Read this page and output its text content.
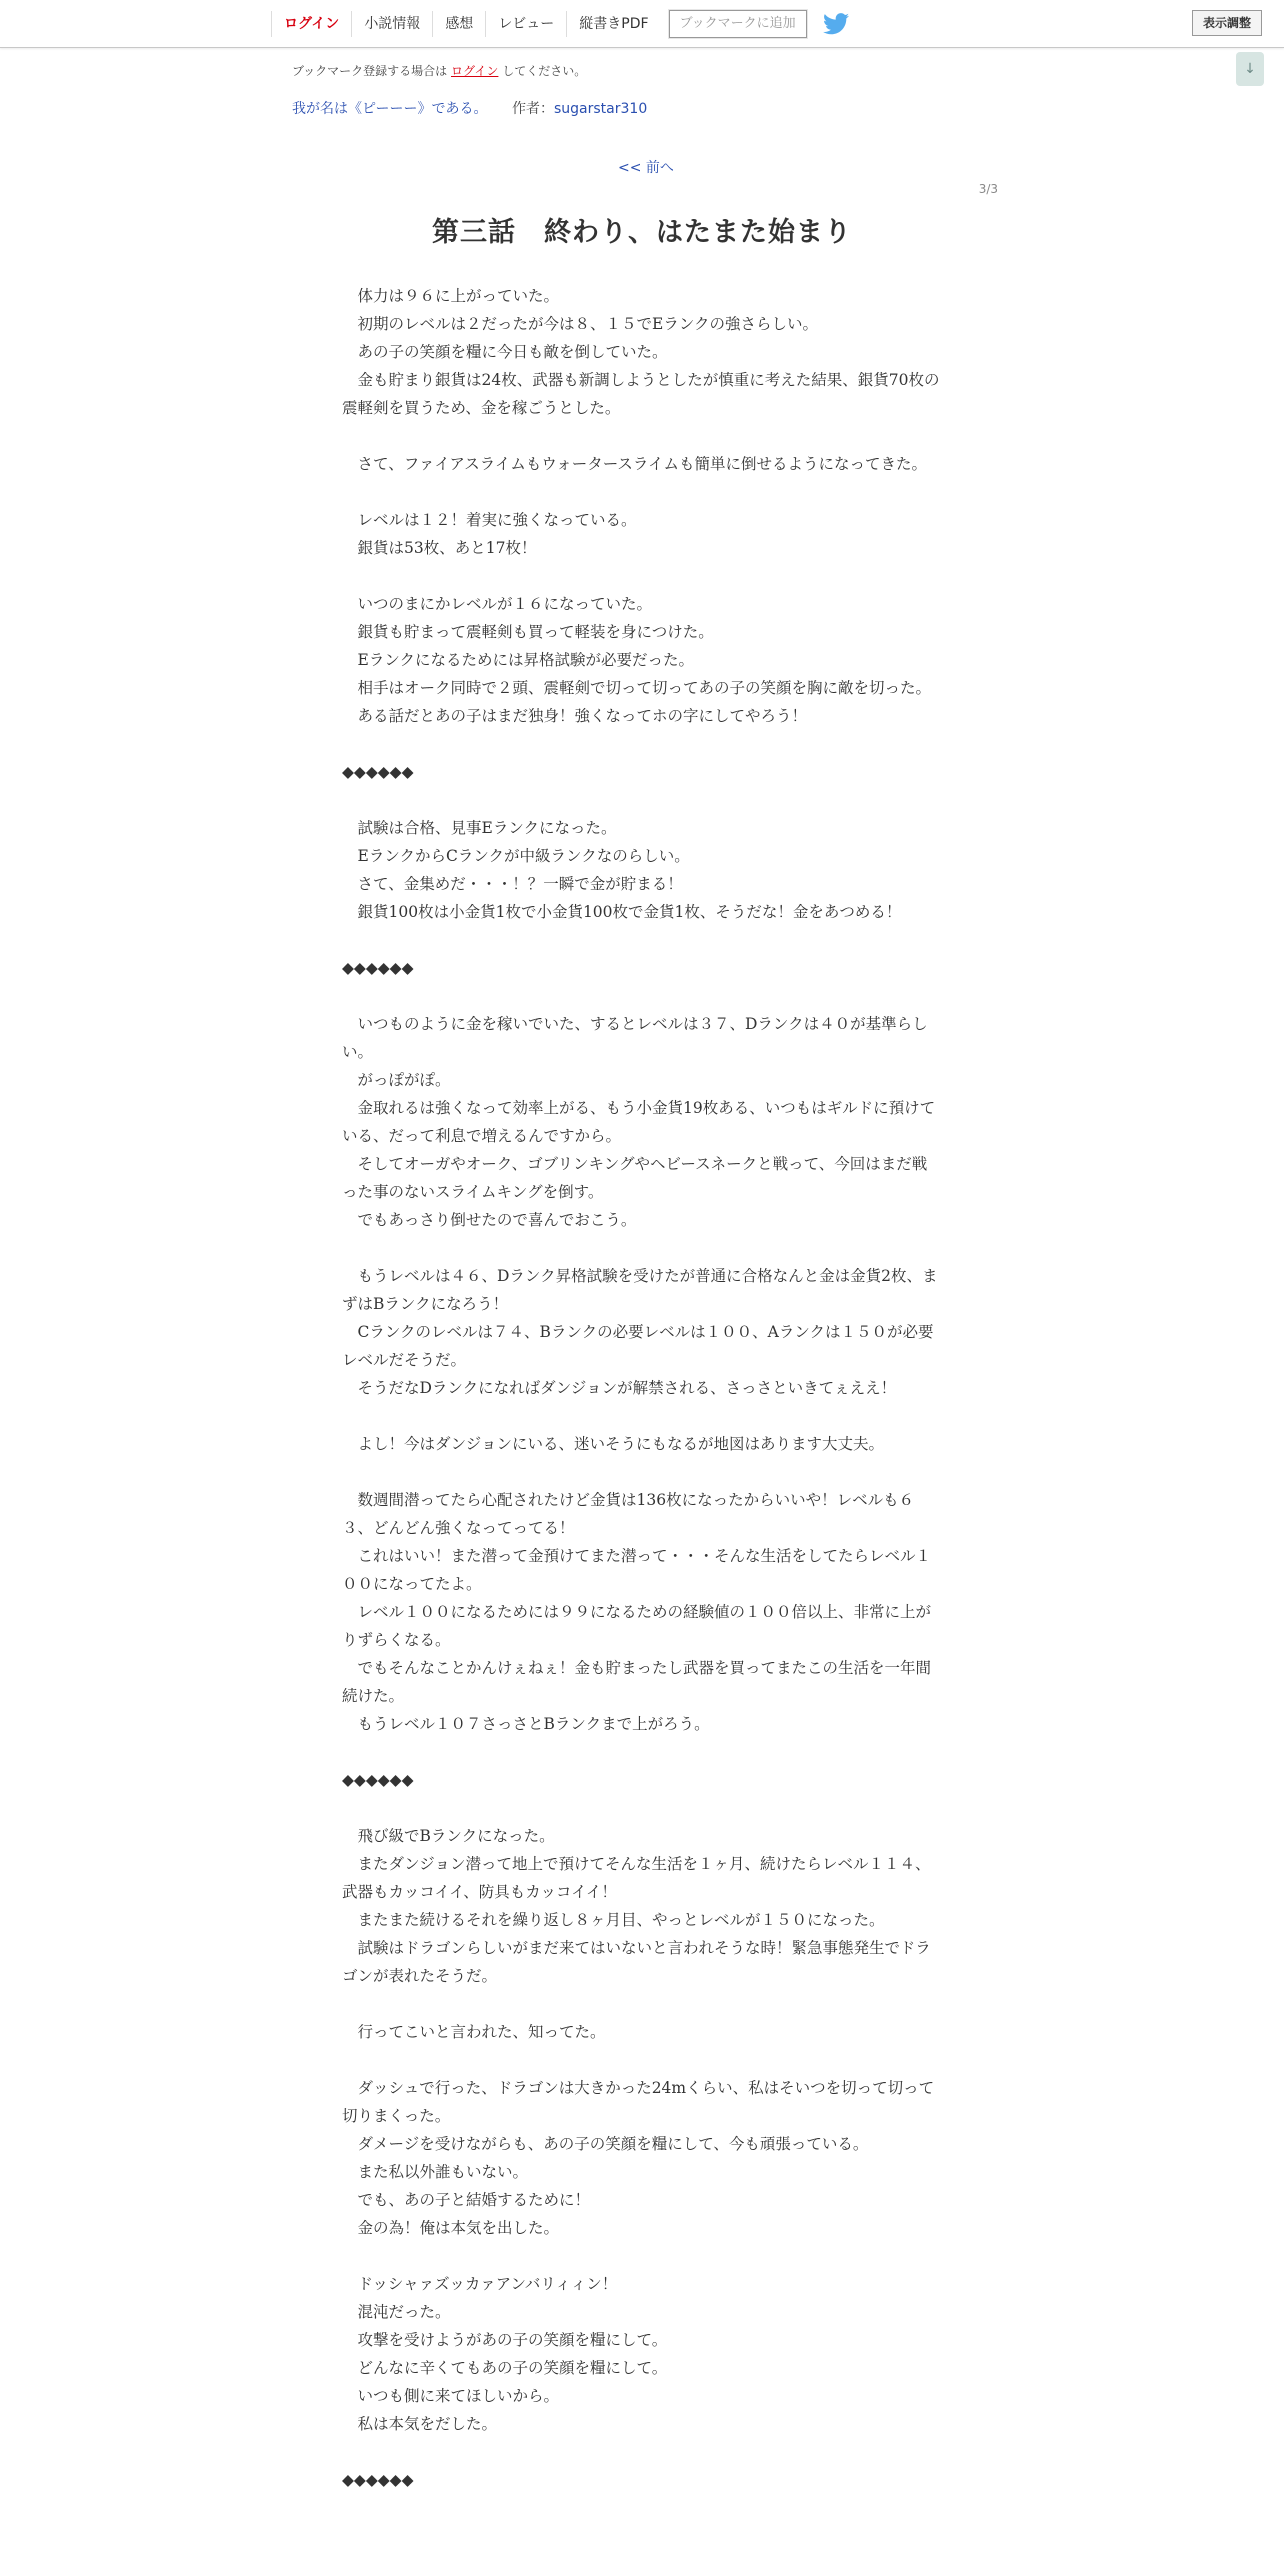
ログイン	小説情報	感想	レビュー	縦書きPDF	ブックマークに追加	表示調整
↓
ブックマーク登録する場合は ログイン してください。
我が名は《ピーーー》である。 作者：sugarstar310
<< 前へ
3/3
第三話　終わり、はたまた始まり

　体力は９６に上がっていた。

　初期のレベルは２だったが今は８、１５でEランクの強さらしい。

　あの子の笑顔を糧に今日も敵を倒していた。

　金も貯まり銀貨は24枚、武器も新調しようとしたが慎重に考えた結果、銀貨70枚の震軽剣を買うため、金を稼ごうとした。

　さて、ファイアスライムもウォータースライムも簡単に倒せるようになってきた。

　レベルは１２！着実に強くなっている。

　銀貨は53枚、あと17枚！

　いつのまにかレベルが１６になっていた。

　銀貨も貯まって震軽剣も買って軽装を身につけた。

　Eランクになるためには昇格試験が必要だった。

　相手はオーク同時で２頭、震軽剣で切って切ってあの子の笑顔を胸に敵を切った。

　ある話だとあの子はまだ独身！強くなってホの字にしてやろう！

◆◆◆◆◆◆

　試験は合格、見事Eランクになった。

　EランクからCランクが中級ランクなのらしい。

　さて、金集めだ・・・！？一瞬で金が貯まる！

　銀貨100枚は小金貨1枚で小金貨100枚で金貨1枚、そうだな！金をあつめる！

◆◆◆◆◆◆

　いつものように金を稼いでいた、するとレベルは３７、Dランクは４０が基準らしい。

　がっぽがぽ。

　金取れるは強くなって効率上がる、もう小金貨19枚ある、いつもはギルドに預けている、だって利息で増えるんですから。

　そしてオーガやオーク、ゴブリンキングやヘビースネークと戦って、今回はまだ戦った事のないスライムキングを倒す。

　でもあっさり倒せたので喜んでおこう。

　もうレベルは４６、Dランク昇格試験を受けたが普通に合格なんと金は金貨2枚、まずはBランクになろう！

　Cランクのレベルは７４、Bランクの必要レベルは１００、Aランクは１５０が必要レベルだそうだ。

　そうだなDランクになればダンジョンが解禁される、さっさといきてぇええ！

　よし！今はダンジョンにいる、迷いそうにもなるが地図はあります大丈夫。

　数週間潜ってたら心配されたけど金貨は136枚になったからいいや！レベルも６３、どんどん強くなってってる！

　これはいい！また潜って金預けてまた潜って・・・そんな生活をしてたらレベル１００になってたよ。

　レベル１００になるためには９９になるための経験値の１００倍以上、非常に上がりずらくなる。

　でもそんなことかんけぇねぇ！金も貯まったし武器を買ってまたこの生活を一年間続けた。

　もうレベル１０７さっさとBランクまで上がろう。

◆◆◆◆◆◆

　飛び級でBランクになった。

　またダンジョン潜って地上で預けてそんな生活を１ヶ月、続けたらレベル１１４、武器もカッコイイ、防具もカッコイイ！

　またまた続けるそれを繰り返し８ヶ月目、やっとレベルが１５０になった。

　試験はドラゴンらしいがまだ来てはいないと言われそうな時！緊急事態発生でドラゴンが表れたそうだ。

　行ってこいと言われた、知ってた。

　ダッシュで行った、ドラゴンは大きかった24mくらい、私はそいつを切って切って切りまくった。

　ダメージを受けながらも、あの子の笑顔を糧にして、今も頑張っている。

　また私以外誰もいない。

　でも、あの子と結婚するために！

　金の為！俺は本気を出した。

　ドッシャァズッカァアンバリィィン！

　混沌だった。

　攻撃を受けようがあの子の笑顔を糧にして。

　どんなに辛くてもあの子の笑顔を糧にして。

　いつも側に来てほしいから。

　私は本気をだした。

◆◆◆◆◆◆
